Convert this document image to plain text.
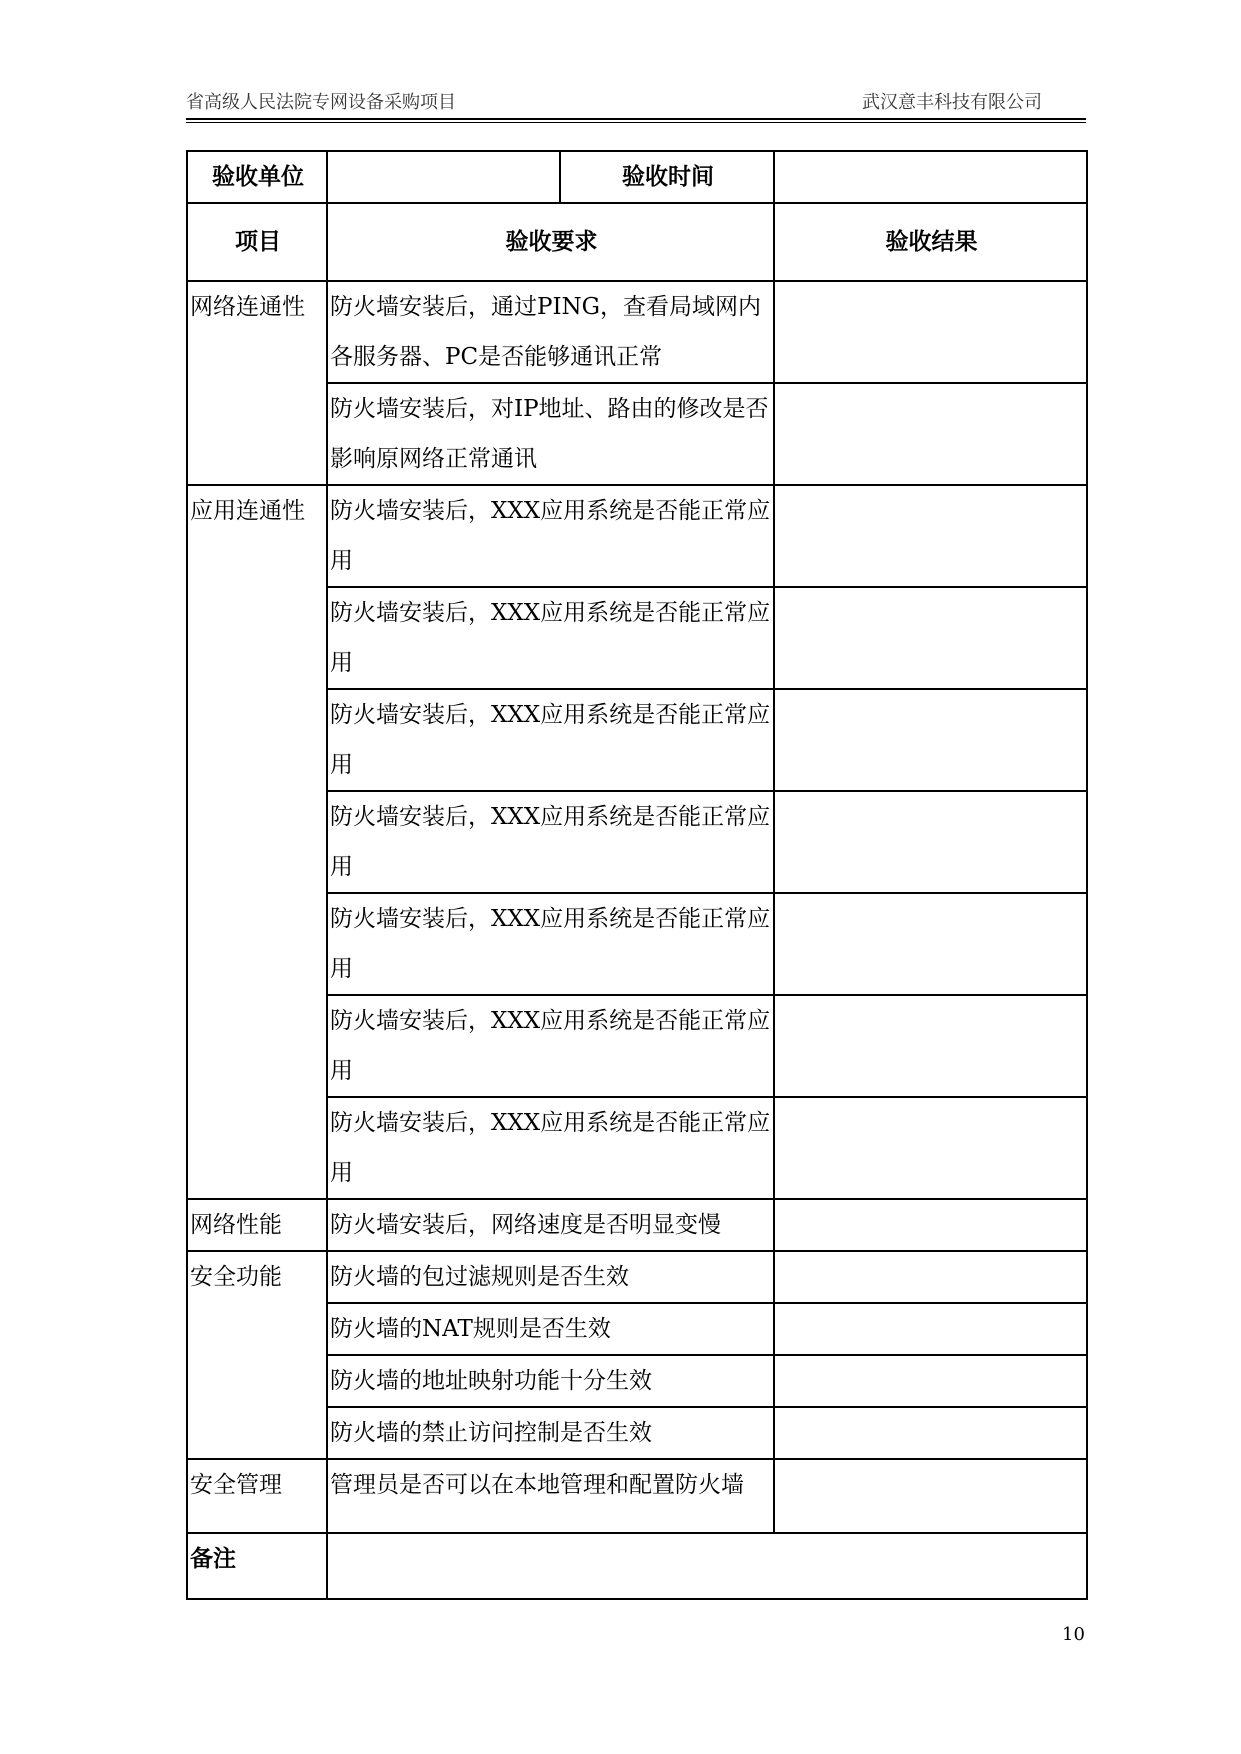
省高级人民法院专网设备采购项目	武汉意丰科技有限公司
验收单位		验收时间	
项目	验收要求		验收结果
网络连通性	防火墙安装后，通过PING，查看局域网内各服务器、PC是否能够通讯正常		
	防火墙安装后，对IP地址、路由的修改是否影响原网络正常通讯		
应用连通性	防火墙安装后，XXX应用系统是否能正常应用		
	防火墙安装后，XXX应用系统是否能正常应用		
	防火墙安装后，XXX应用系统是否能正常应用		
	防火墙安装后，XXX应用系统是否能正常应用		
	防火墙安装后，XXX应用系统是否能正常应用		
	防火墙安装后，XXX应用系统是否能正常应用		
	防火墙安装后，XXX应用系统是否能正常应用		
网络性能	防火墙安装后，网络速度是否明显变慢		
安全功能	防火墙的包过滤规则是否生效		
	防火墙的NAT规则是否生效		
	防火墙的地址映射功能十分生效		
	防火墙的禁止访问控制是否生效		
安全管理	管理员是否可以在本地管理和配置防火墙		
备注			
10
